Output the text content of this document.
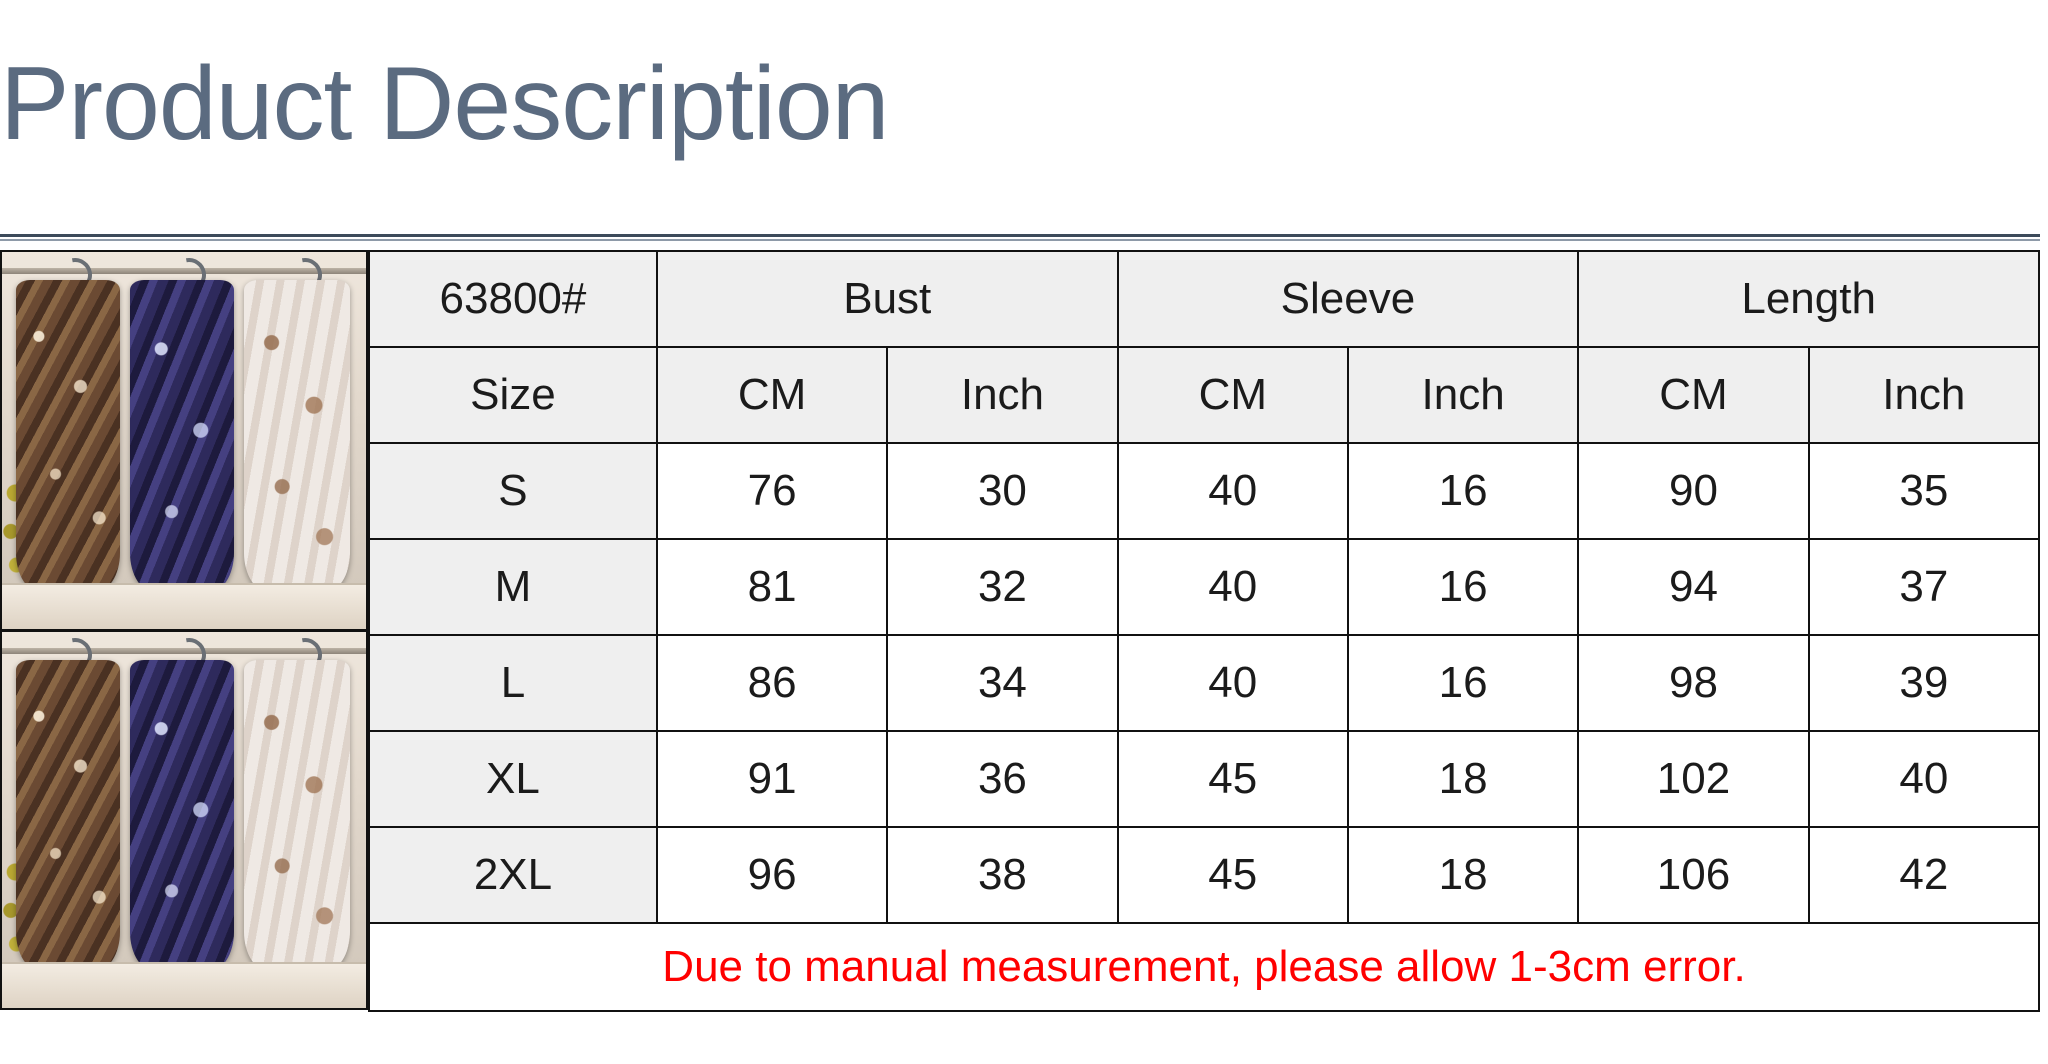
Product Description
63800#	Bust		Sleeve		Length	
Size	CM	Inch	CM	Inch	CM	Inch
S	76	30	40	16	90	35
M	81	32	40	16	94	37
L	86	34	40	16	98	39
XL	91	36	45	18	102	40
2XL	96	38	45	18	106	42
Due to manual measurement, please allow 1-3cm error.						
